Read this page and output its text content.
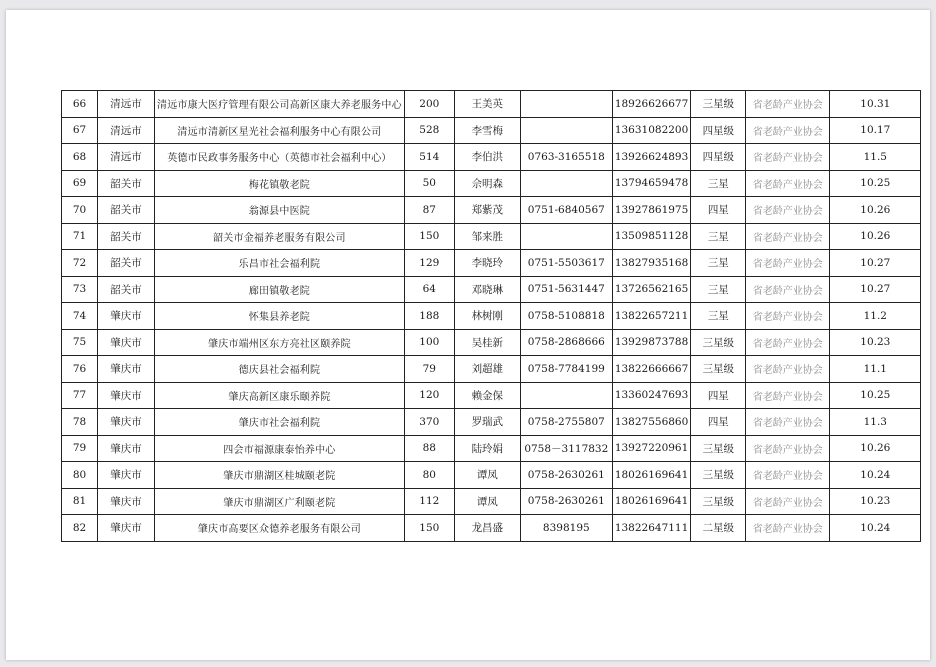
66	清远市	清远市康大医疗管理有限公司高新区康大养老服务中心	200	王美英		18926626677	三星级	省老龄产业协会	10.31
67	清远市	清远市清新区星光社会福利服务中心有限公司	528	李雪梅		13631082200	四星级	省老龄产业协会	10.17
68	清远市	英德市民政事务服务中心（英德市社会福利中心）	514	李伯洪	0763-3165518	13926624893	四星级	省老龄产业协会	11.5
69	韶关市	梅花镇敬老院	50	佘明森		13794659478	三星	省老龄产业协会	10.25
70	韶关市	翁源县中医院	87	郑紫茂	0751-6840567	13927861975	四星	省老龄产业协会	10.26
71	韶关市	韶关市金福养老服务有限公司	150	邹来胜		13509851128	三星	省老龄产业协会	10.26
72	韶关市	乐昌市社会福利院	129	李晓玲	0751-5503617	13827935168	三星	省老龄产业协会	10.27
73	韶关市	廊田镇敬老院	64	邓晓琳	0751-5631447	13726562165	三星	省老龄产业协会	10.27
74	肇庆市	怀集县养老院	188	林树刚	0758-5108818	13822657211	三星	省老龄产业协会	11.2
75	肇庆市	肇庆市端州区东方亮社区颐养院	100	吴桂新	0758-2868666	13929873788	三星级	省老龄产业协会	10.23
76	肇庆市	德庆县社会福利院	79	刘超雄	0758-7784199	13822666667	三星级	省老龄产业协会	11.1
77	肇庆市	肇庆高新区康乐颐养院	120	赖金保		13360247693	四星	省老龄产业协会	10.25
78	肇庆市	肇庆市社会福利院	370	罗瑞武	0758-2755807	13827556860	四星	省老龄产业协会	11.3
79	肇庆市	四会市福源康泰怡养中心	88	陆玲娟	0758－3117832	13927220961	三星级	省老龄产业协会	10.26
80	肇庆市	肇庆市鼎湖区桂城颐老院	80	谭凤	0758-2630261	18026169641	三星级	省老龄产业协会	10.24
81	肇庆市	肇庆市鼎湖区广利颐老院	112	谭凤	0758-2630261	18026169641	三星级	省老龄产业协会	10.23
82	肇庆市	肇庆市高要区众德养老服务有限公司	150	龙昌盛	8398195	13822647111	二星级	省老龄产业协会	10.24
